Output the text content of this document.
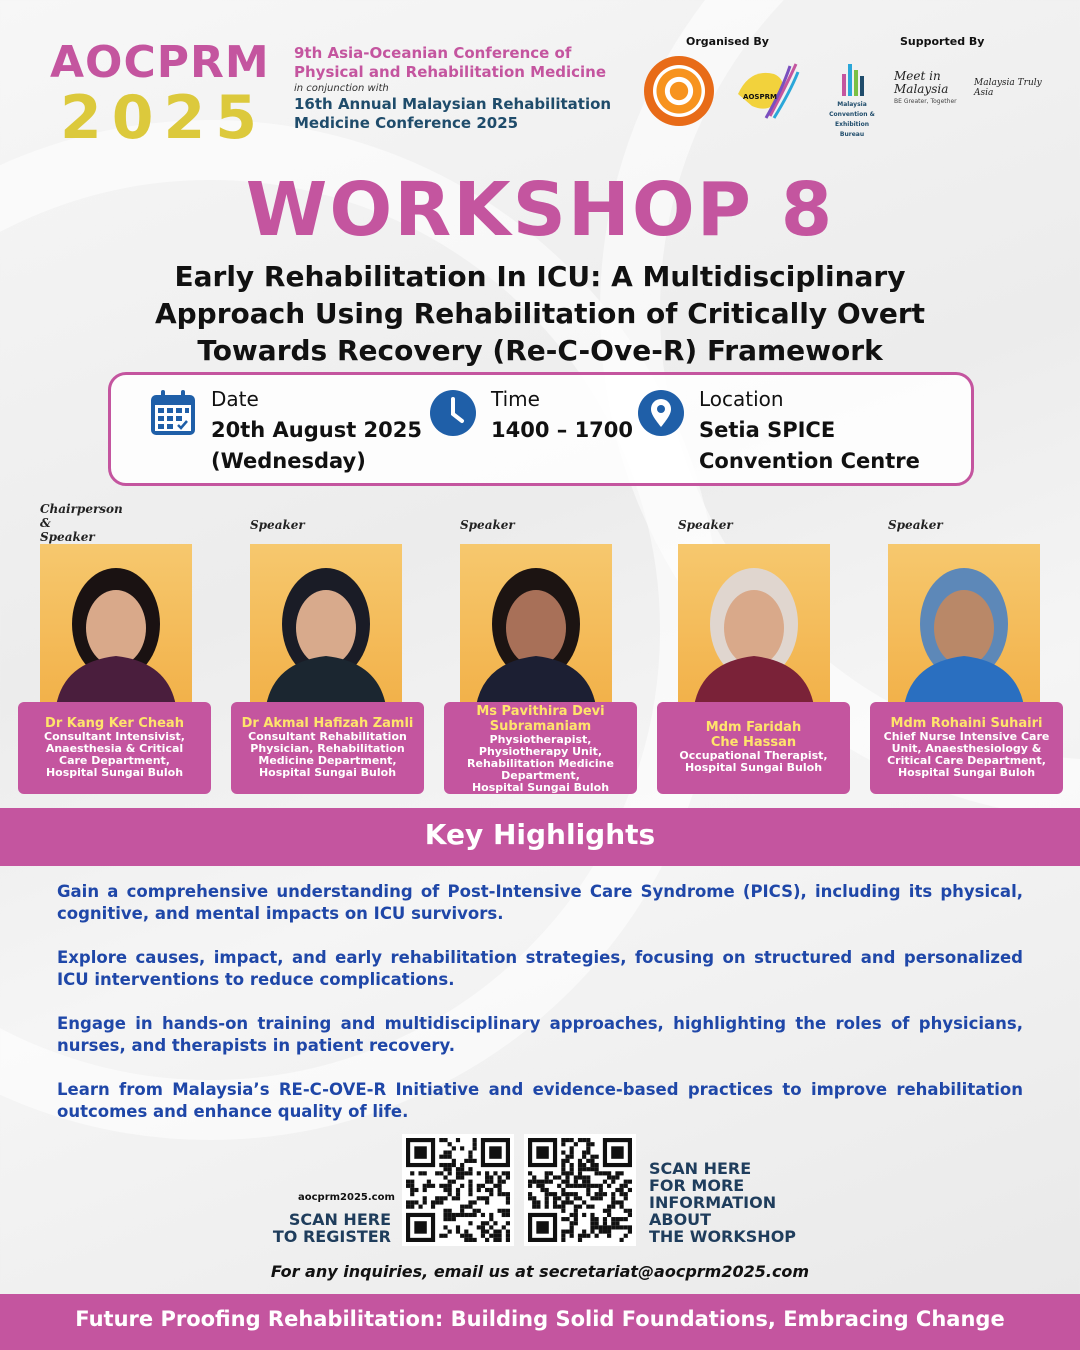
AOCPRM
2025
9th Asia-Oceanian Conference of
Physical and Rehabilitation Medicine
in conjunction with
16th Annual Malaysian Rehabilitation
Medicine Conference 2025
Organised By	Supported By
AOSPRM
Malaysia Convention & Exhibition Bureau
Meet in Malaysia
BE Greater, Together
Malaysia Truly Asia
WORKSHOP 8
Early Rehabilitation In ICU: A Multidisciplinary
Approach Using Rehabilitation of Critically Overt
Towards Recovery (Re-C-Ove-R) Framework
Date
20th August 2025
(Wednesday)
Time
1400 – 1700
Location
Setia SPICE
Convention Centre
Chairperson &
Speaker
Dr Kang Ker Cheah
Consultant Intensivist,
Anaesthesia & Critical
Care Department,
Hospital Sungai Buloh
Speaker
Dr Akmal Hafizah Zamli
Consultant Rehabilitation
Physician, Rehabilitation
Medicine Department,
Hospital Sungai Buloh
Speaker
Ms Pavithira Devi
Subramaniam
Physiotherapist,
Physiotherapy Unit,
Rehabilitation Medicine
Department,
Hospital Sungai Buloh
Speaker
Mdm Faridah
Che Hassan
Occupational Therapist,
Hospital Sungai Buloh
Speaker
Mdm Rohaini Suhairi
Chief Nurse Intensive Care
Unit, Anaesthesiology &
Critical Care Department,
Hospital Sungai Buloh
Key Highlights
Gain a comprehensive understanding of Post-Intensive Care Syndrome (PICS), including its physical, cognitive, and mental impacts on ICU survivors.
Explore causes, impact, and early rehabilitation strategies, focusing on structured and personalized ICU interventions to reduce complications.
Engage in hands-on training and multidisciplinary approaches, highlighting the roles of physicians, nurses, and therapists in patient recovery.
Learn from Malaysia’s RE-C-OVE-R Initiative and evidence-based practices to improve rehabilitation outcomes and enhance quality of life.
aocprm2025.com
SCAN HERE
TO REGISTER
SCAN HERE
FOR MORE
INFORMATION
ABOUT
THE WORKSHOP
For any inquiries, email us at secretariat@aocprm2025.com
Future Proofing Rehabilitation: Building Solid Foundations, Embracing Change
